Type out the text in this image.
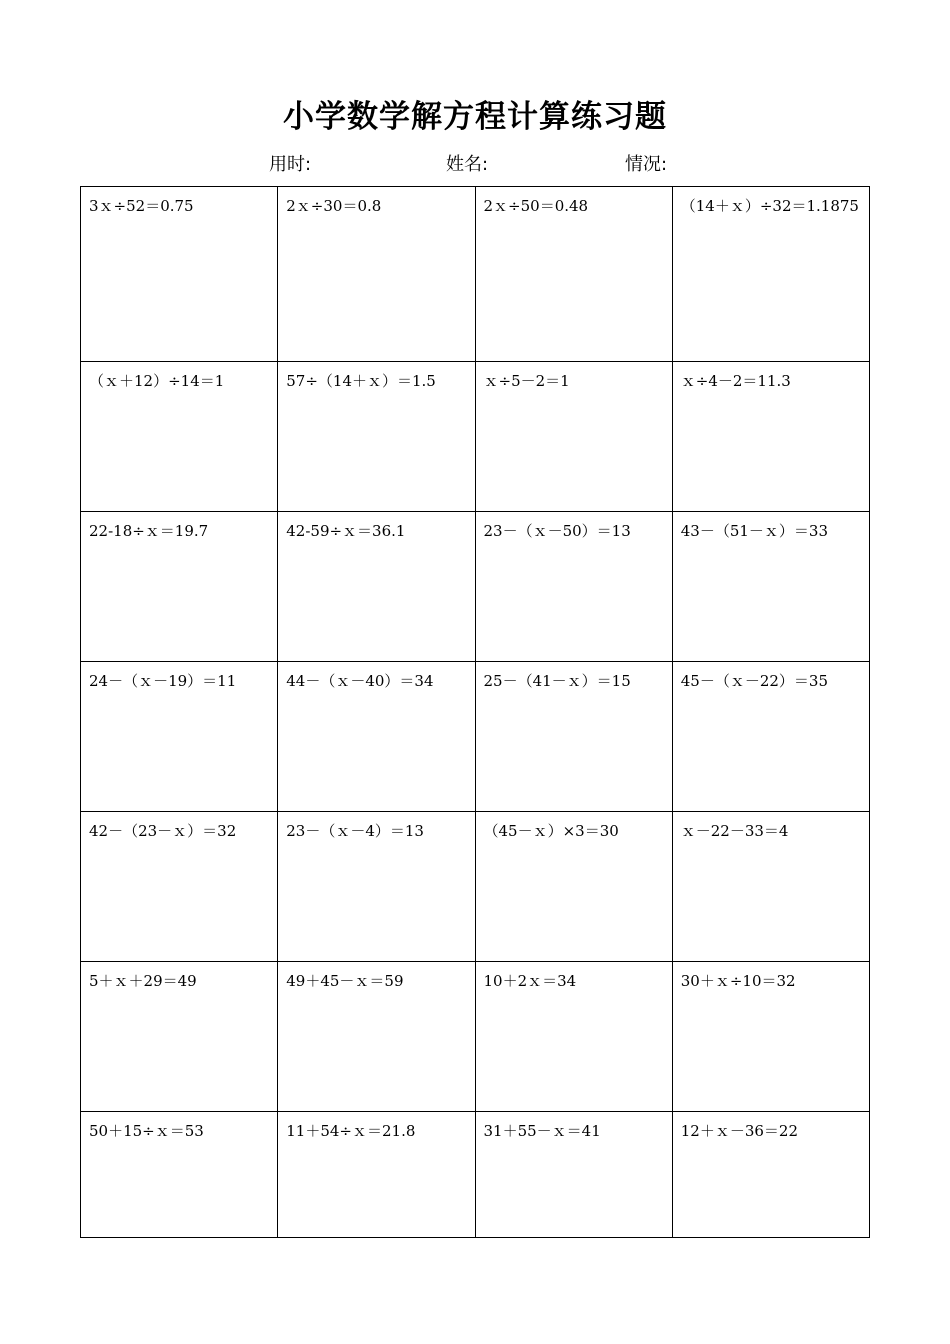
小学数学解方程计算练习题
用时:	姓名:	情况:
3ｘ÷52＝0.75	2ｘ÷30＝0.8	2ｘ÷50＝0.48	（14＋ｘ）÷32＝1.1875
（ｘ＋12）÷14＝1	57÷（14＋ｘ）＝1.5	ｘ÷5－2＝1	ｘ÷4－2＝11.3
22-18÷ｘ＝19.7	42-59÷ｘ＝36.1	23－（ｘ－50）＝13	43－（51－ｘ）＝33
24－（ｘ－19）＝11	44－（ｘ－40）＝34	25－（41－ｘ）＝15	45－（ｘ－22）＝35
42－（23－ｘ）＝32	23－（ｘ－4）＝13	（45－ｘ）×3＝30	ｘ－22－33＝4
5＋ｘ＋29＝49	49＋45－ｘ＝59	10＋2ｘ＝34	30＋ｘ÷10＝32
50＋15÷ｘ＝53	11＋54÷ｘ＝21.8	31＋55－ｘ＝41	12＋ｘ－36＝22
